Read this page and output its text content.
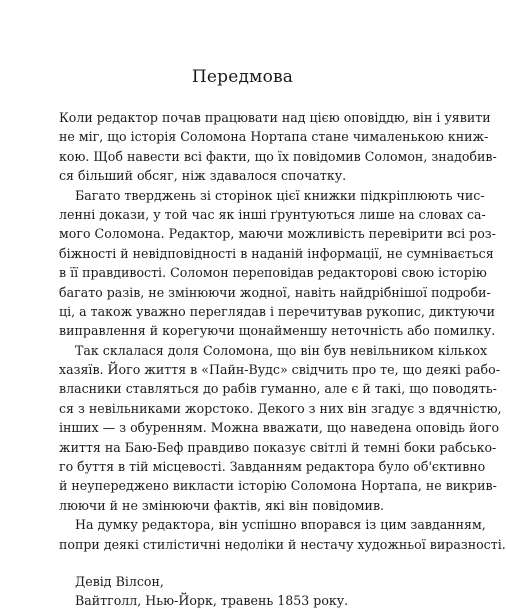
Передмова
Коли редактор почав працювати над цією оповіддю, він і уявити
не міг, що історія Соломона Нортапа стане чималенькою книж-
кою. Щоб навести всі факти, що їх повідомив Соломон, знадобив-
ся більший обсяг, ніж здавалося спочатку.
Багато тверджень зі сторінок цієї книжки підкріплюють чис-
ленні докази, у той час як інші ґрунтуються лише на словах са-
мого Соломона. Редактор, маючи можливість перевірити всі роз-
біжності й невідповідності в наданій інформації, не сумнівається
в її правдивості. Соломон переповідав редакторові свою історію
багато разів, не змінюючи жодної, навіть найдрібнішої подроби-
ці, а також уважно переглядав і перечитував рукопис, диктуючи
виправлення й корегуючи щонайменшу неточність або помилку.
Так склалася доля Соломона, що він був невільником кількох
хазяїв. Його життя в «Пайн-Вудс» свідчить про те, що деякі рабо-
власники ставляться до рабів гуманно, але є й такі, що поводять-
ся з невільниками жорстоко. Декого з них він згадує з вдячністю,
інших — з обуренням. Можна вважати, що наведена оповідь його
життя на Баю-Беф правдиво показує світлі й темні боки рабсько-
го буття в тій місцевості. Завданням редактора було об'єктивно
й неупереджено викласти історію Соломона Нортапа, не викрив-
люючи й не змінюючи фактів, які він повідомив.
На думку редактора, він успішно впорався із цим завданням,
попри деякі стилістичні недоліки й нестачу художньої виразності.
Девід Вілсон,
Вайтголл, Нью-Йорк, травень 1853 року.
